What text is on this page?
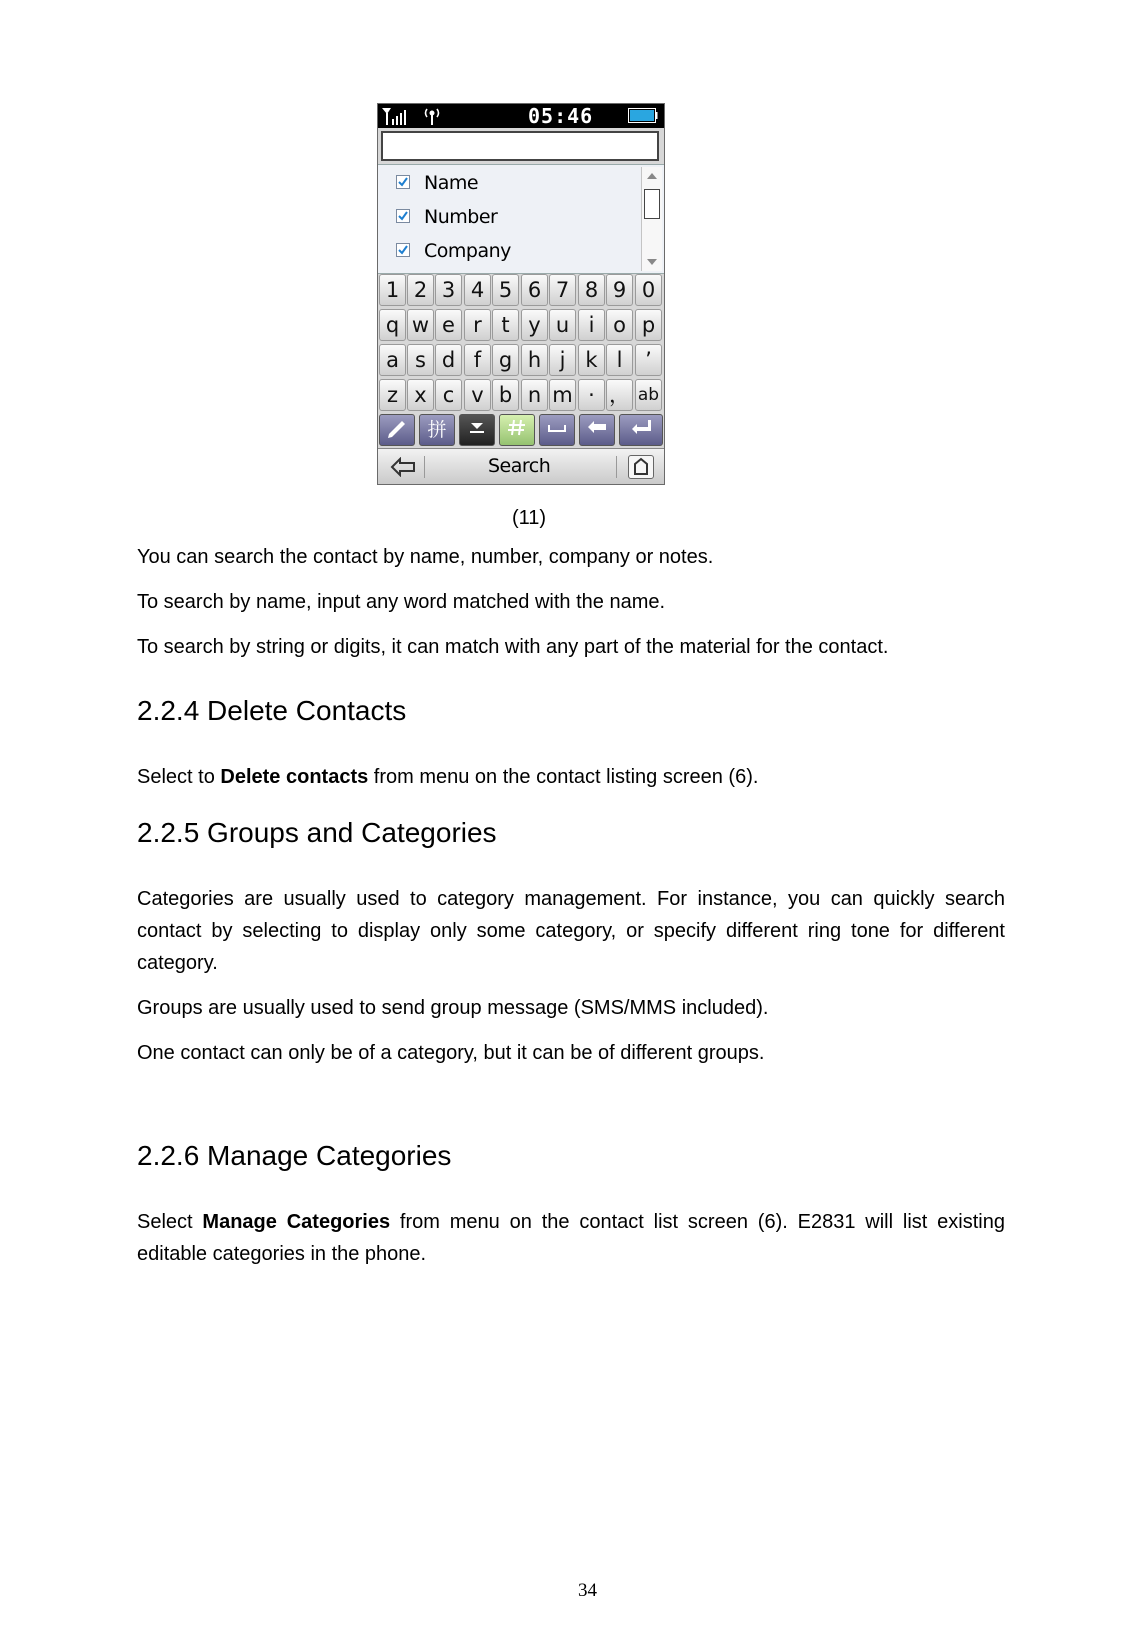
05:46
Name
Number
Company
1 2 3 4 5 6 7 8 9 0
q w e r t y u i o p
a s d f g h j k l	’
z x c v b n m · ， ab
拼
Search
(11)

You can search the contact by name, number, company or notes.

To search by name, input any word matched with the name.

To search by string or digits, it can match with any part of the material for the contact.

2.2.4 Delete Contacts

Select to Delete contacts from menu on the contact listing screen (6).

2.2.5 Groups and Categories

Categories are usually used to category management. For instance, you can quickly search contact by selecting to display only some category, or specify different ring tone for different category.

Groups are usually used to send group message (SMS/MMS included).

One contact can only be of a category, but it can be of different groups.

2.2.6 Manage Categories

Select Manage Categories from menu on the contact list screen (6). E2831 will list existing editable categories in the phone.

34
